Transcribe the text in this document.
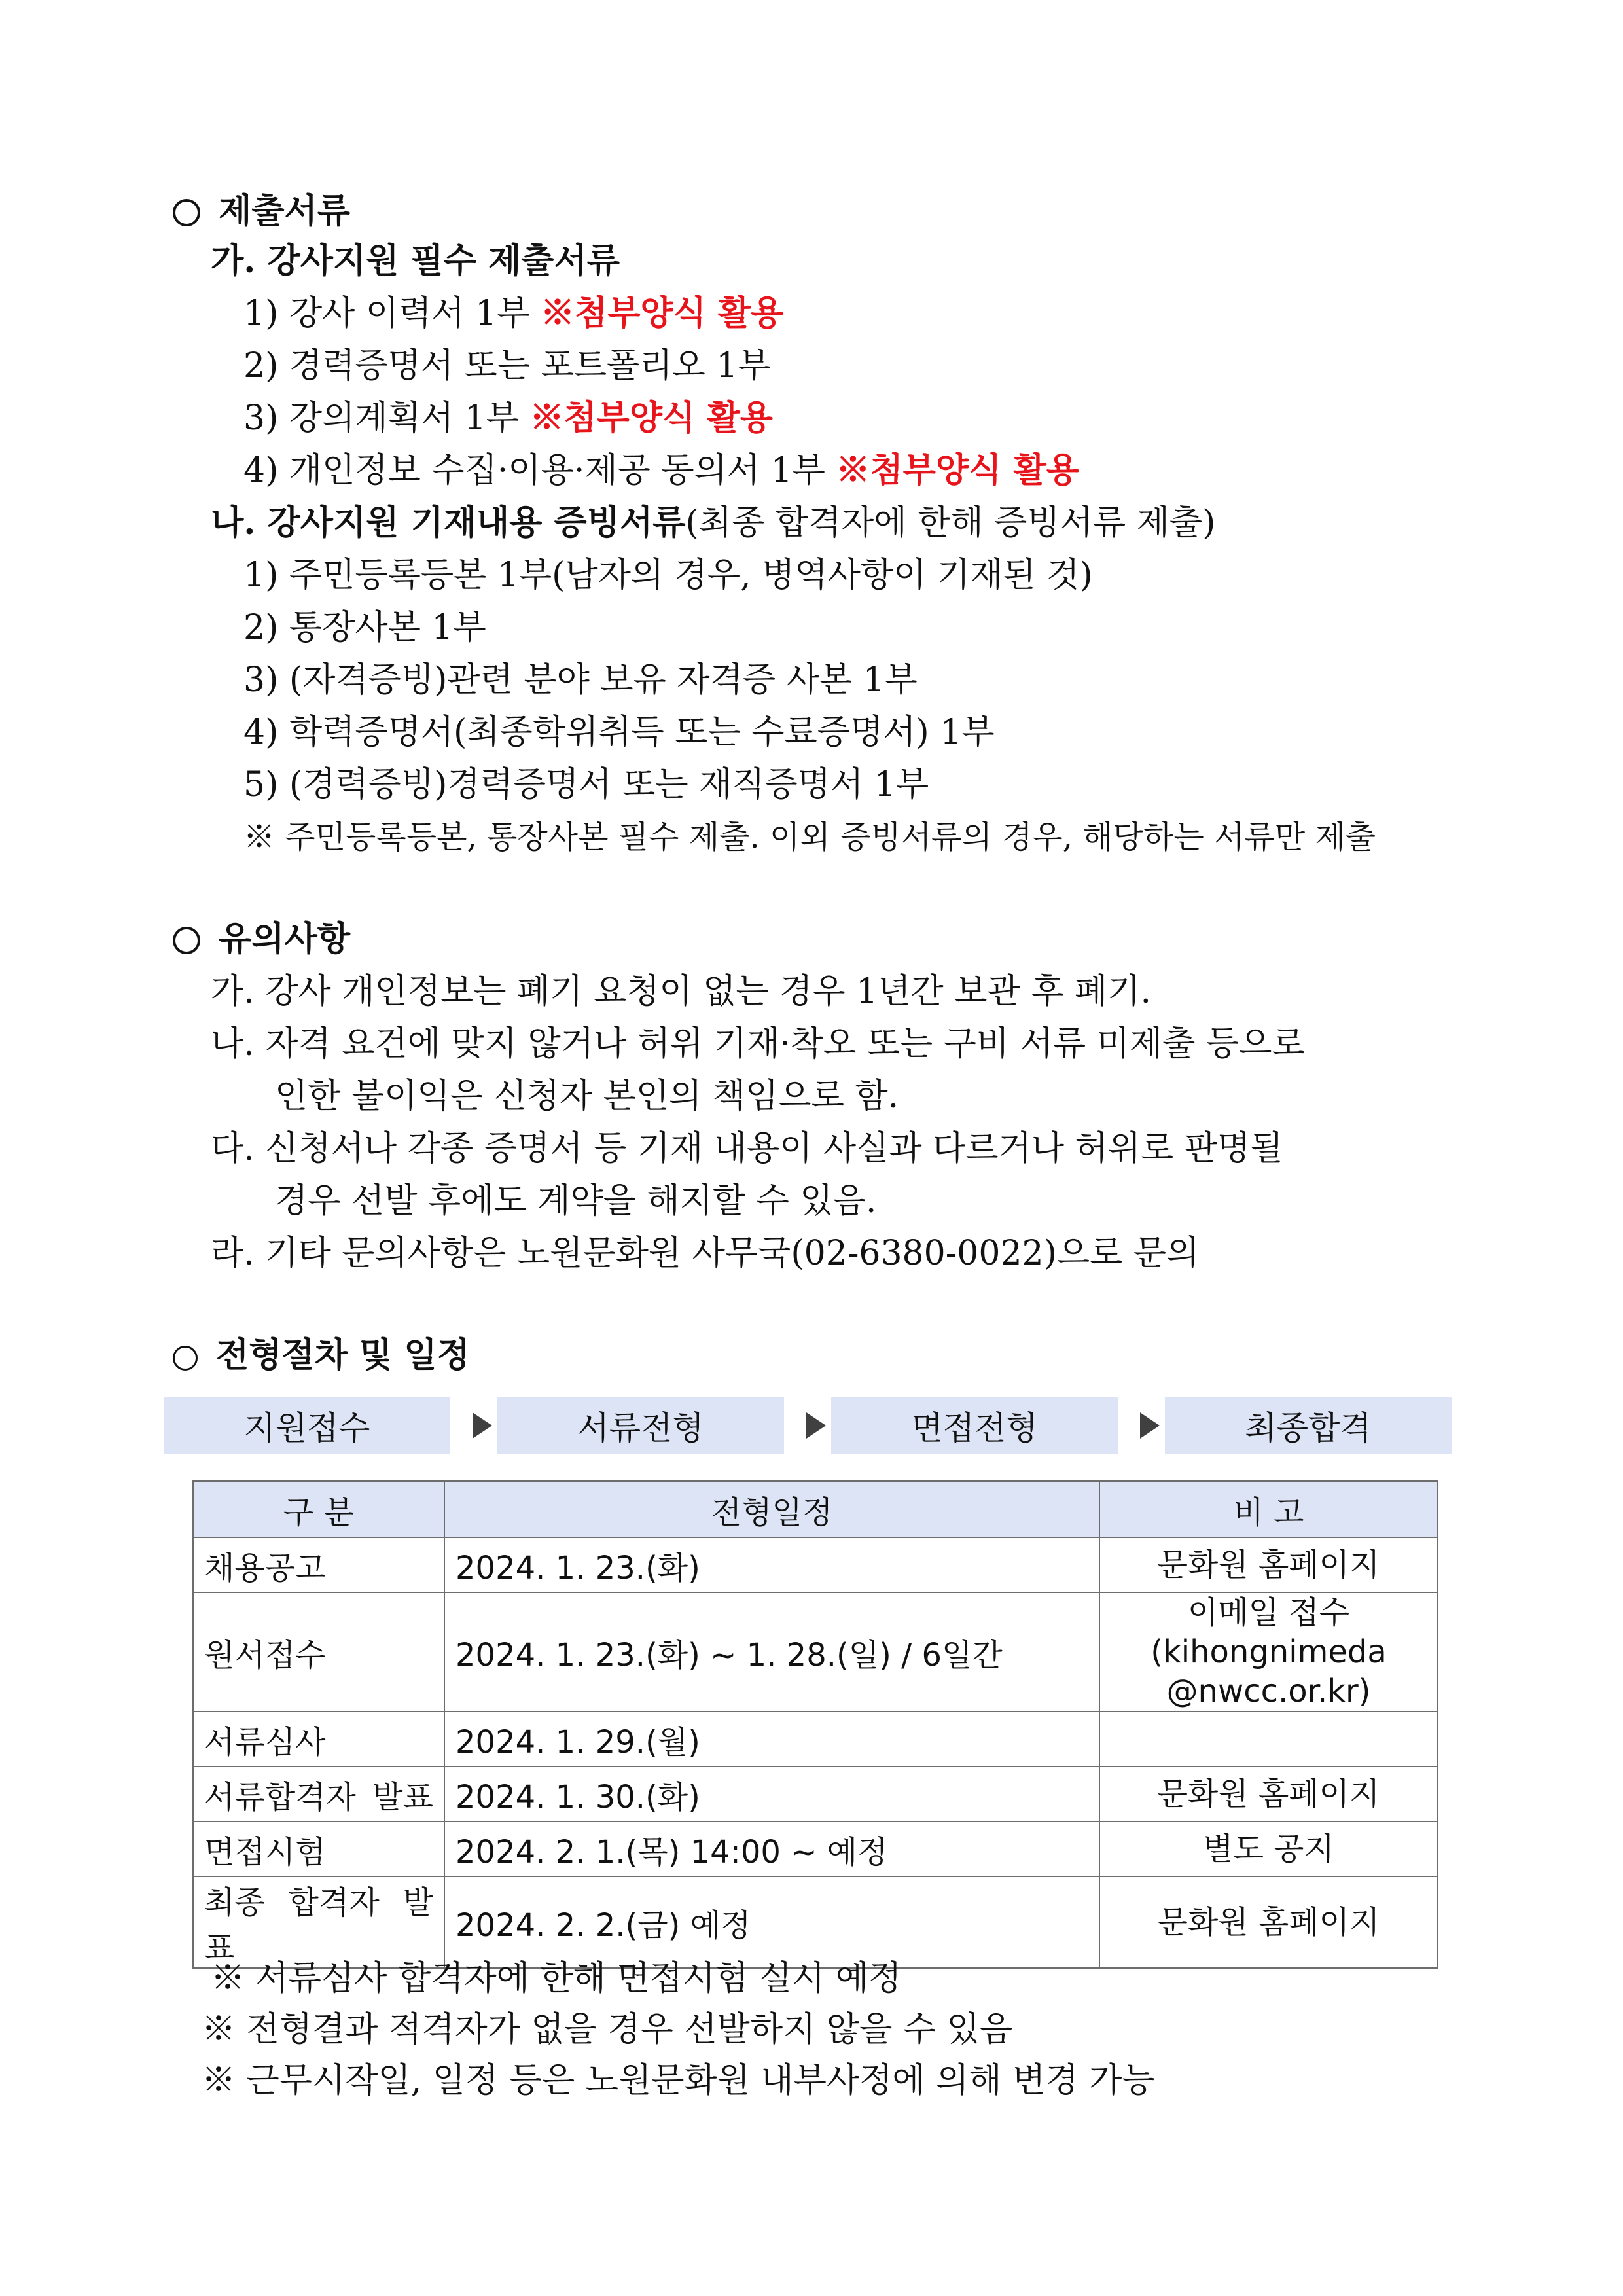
제출서류
가. 강사지원 필수 제출서류
1) 강사 이력서 1부 ※첨부양식 활용
2) 경력증명서 또는 포트폴리오 1부
3) 강의계획서 1부 ※첨부양식 활용
4) 개인정보 수집·이용·제공 동의서 1부 ※첨부양식 활용
나. 강사지원 기재내용 증빙서류(최종 합격자에 한해 증빙서류 제출)
1) 주민등록등본 1부(남자의 경우, 병역사항이 기재된 것)
2) 통장사본 1부
3) (자격증빙)관련 분야 보유 자격증 사본 1부
4) 학력증명서(최종학위취득 또는 수료증명서) 1부
5) (경력증빙)경력증명서 또는 재직증명서 1부
※ 주민등록등본, 통장사본 필수 제출. 이외 증빙서류의 경우, 해당하는 서류만 제출
유의사항
가. 강사 개인정보는 폐기 요청이 없는 경우 1년간 보관 후 폐기.
나. 자격 요건에 맞지 않거나 허위 기재·착오 또는 구비 서류 미제출 등으로
인한 불이익은 신청자 본인의 책임으로 함.
다. 신청서나 각종 증명서 등 기재 내용이 사실과 다르거나 허위로 판명될
경우 선발 후에도 계약을 해지할 수 있음.
라. 기타 문의사항은 노원문화원 사무국(02-6380-0022)으로 문의
전형절차 및 일정
지원접수	서류전형	면접전형	최종합격
구 분	전형일정	비 고
채용공고	2024. 1. 23.(화)	문화원 홈페이지
원서접수	2024. 1. 23.(화) ~ 1. 28.(일) / 6일간	이메일 접수
(kihongnimeda
@nwcc.or.kr)

서류심사	2024. 1. 29.(월)	
서류합격자 발표	2024. 1. 30.(화)	문화원 홈페이지
면접시험	2024. 2. 1.(목) 14:00 ~ 예정	별도 공지
최종 합격자 발표	2024. 2. 2.(금) 예정	문화원 홈페이지
※ 서류심사 합격자에 한해 면접시험 실시 예정
※ 전형결과 적격자가 없을 경우 선발하지 않을 수 있음
※ 근무시작일, 일정 등은 노원문화원 내부사정에 의해 변경 가능
